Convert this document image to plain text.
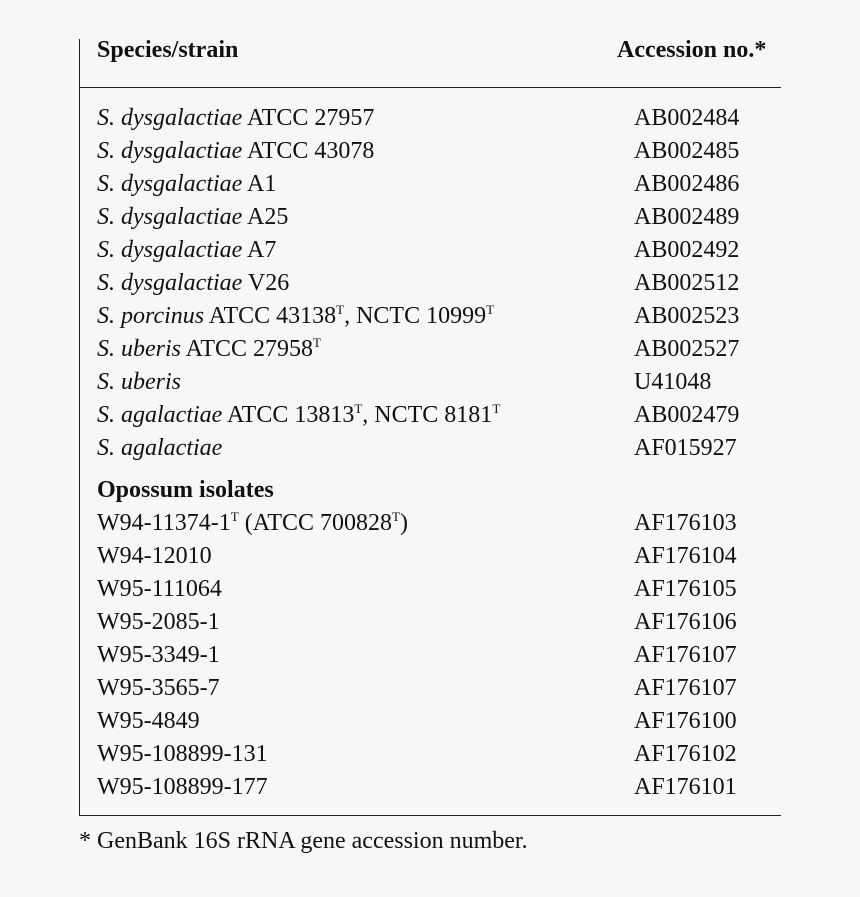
Species/strain	Accession no.*
S. dysgalactiae ATCC 27957	AB002484
S. dysgalactiae ATCC 43078	AB002485
S. dysgalactiae A1	AB002486
S. dysgalactiae A25	AB002489
S. dysgalactiae A7	AB002492
S. dysgalactiae V26	AB002512
S. porcinus ATCC $43138^T$, NCTC $10999^T$	AB002523
S. uberis ATCC $27958^T$	AB002527
S. uberis	U41048
S. agalactiae ATCC $13813^T$, NCTC $8181^T$	AB002479
S. agalactiae	AF015927
Opossum isolates
$W94-11374-1^T$ (ATCC $700828^T$)	AF176103
W94-12010	AF176104
W95-111064	AF176105
W95-2085-1	AF176106
W95-3349-1	AF176107
W95-3565-7	AF176107
W95-4849	AF176100
W95-108899-131	AF176102
W95-108899-177	AF176101
* GenBank 16S rRNA gene accession number.
